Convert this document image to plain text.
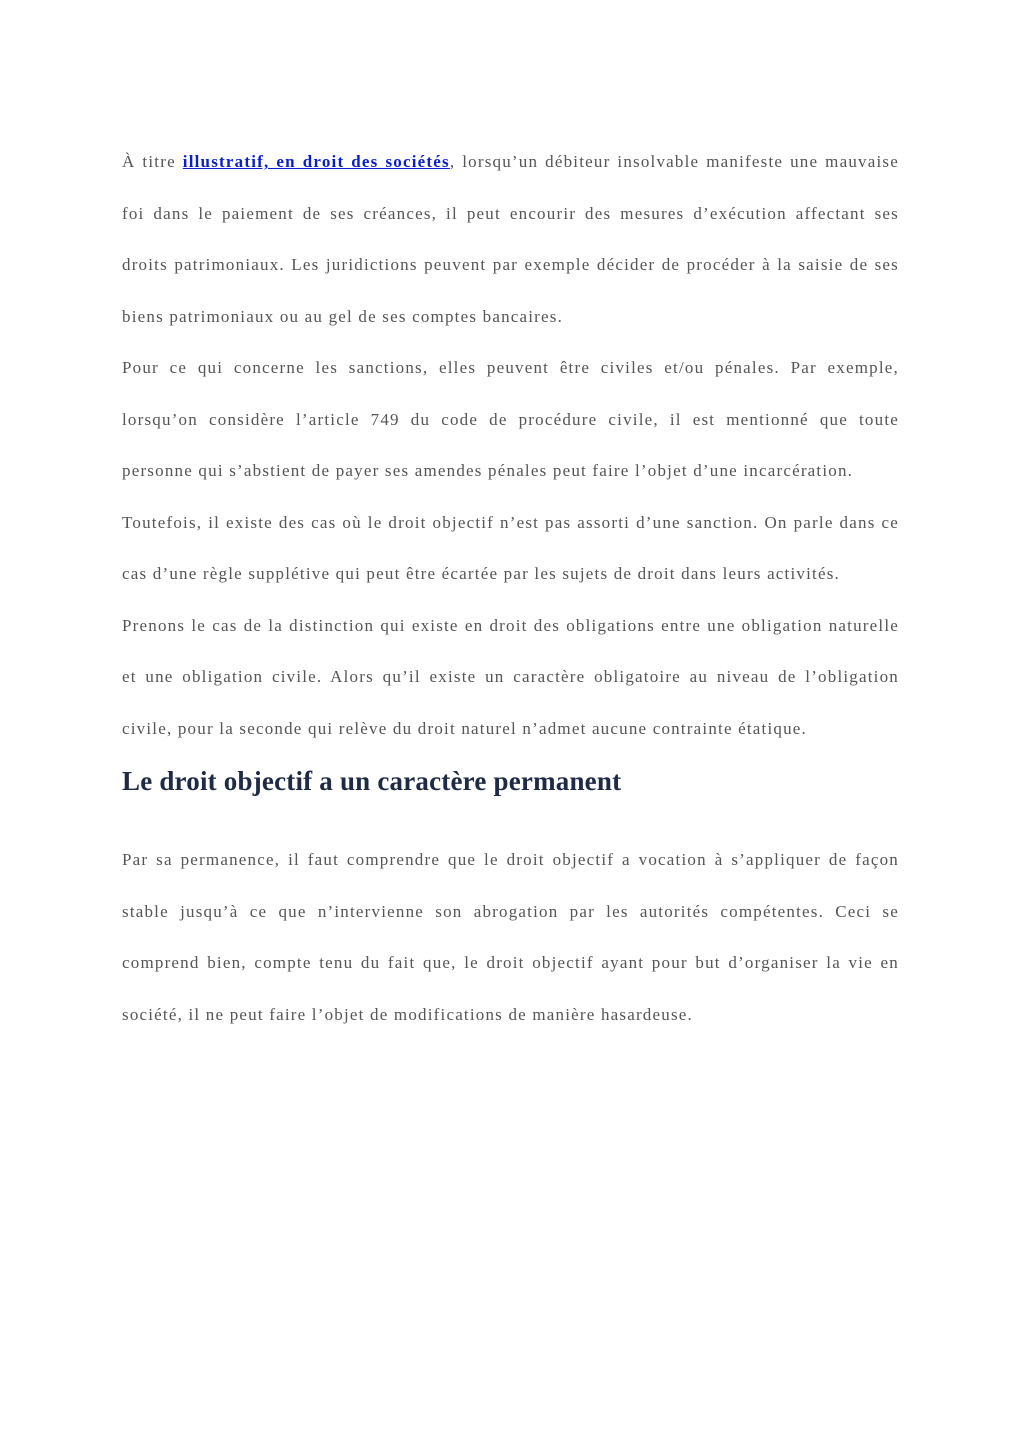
À titre illustratif, en droit des sociétés, lorsqu’un débiteur insolvable manifeste une mauvaise foi dans le paiement de ses créances, il peut encourir des mesures d’exécution affectant ses droits patrimoniaux. Les juridictions peuvent par exemple décider de procéder à la saisie de ses biens patrimoniaux ou au gel de ses comptes bancaires.

Pour ce qui concerne les sanctions, elles peuvent être civiles et/ou pénales. Par exemple, lorsqu’on considère l’article 749 du code de procédure civile, il est mentionné que toute personne qui s’abstient de payer ses amendes pénales peut faire l’objet d’une incarcération.

Toutefois, il existe des cas où le droit objectif n’est pas assorti d’une sanction. On parle dans ce cas d’une règle supplétive qui peut être écartée par les sujets de droit dans leurs activités.

Prenons le cas de la distinction qui existe en droit des obligations entre une obligation naturelle et une obligation civile. Alors qu’il existe un caractère obligatoire au niveau de l’obligation civile, pour la seconde qui relève du droit naturel n’admet aucune contrainte étatique.

Le droit objectif a un caractère permanent

Par sa permanence, il faut comprendre que le droit objectif a vocation à s’appliquer de façon stable jusqu’à ce que n’intervienne son abrogation par les autorités compétentes. Ceci se comprend bien, compte tenu du fait que, le droit objectif ayant pour but d’organiser la vie en société, il ne peut faire l’objet de modifications de manière hasardeuse.
